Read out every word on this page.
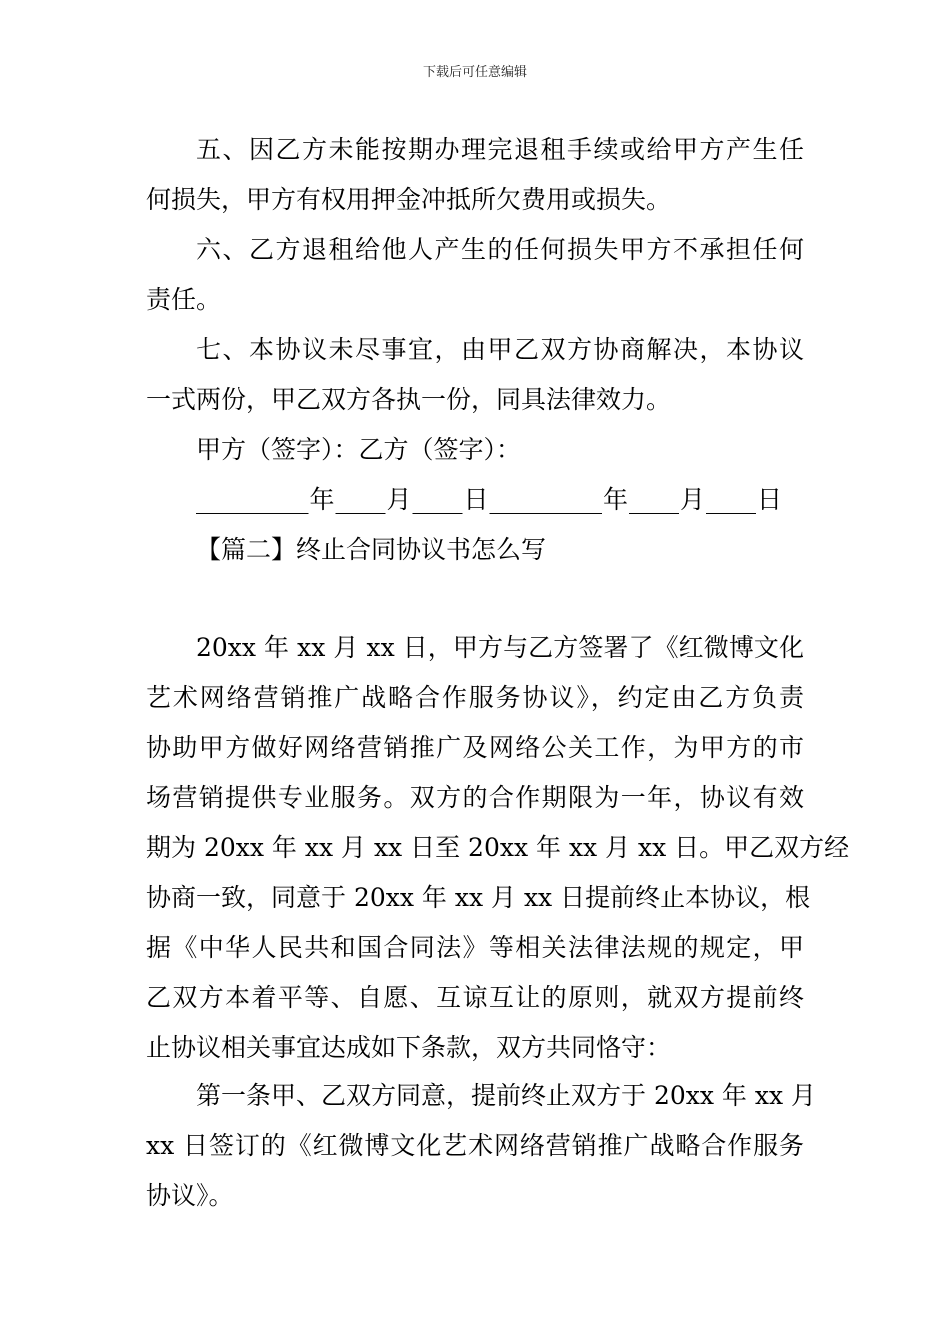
下载后可任意编辑
五、因乙方未能按期办理完退租手续或给甲方产生任
何损失，甲方有权用押金冲抵所欠费用或损失。
六、乙方退租给他人产生的任何损失甲方不承担任何
责任。
七、本协议未尽事宜，由甲乙双方协商解决，本协议
一式两份，甲乙双方各执一份，同具法律效力。
甲方（签字）：乙方（签字）：
_________年____月____日_________年____月____日
【篇二】终止合同协议书怎么写
20xx 年 xx 月 xx 日，甲方与乙方签署了《红微博文化
艺术网络营销推广战略合作服务协议》，约定由乙方负责
协助甲方做好网络营销推广及网络公关工作，为甲方的市
场营销提供专业服务。双方的合作期限为一年，协议有效
期为 20xx 年 xx 月 xx 日至 20xx 年 xx 月 xx 日。甲乙双方经
协商一致，同意于 20xx 年 xx 月 xx 日提前终止本协议，根
据《中华人民共和国合同法》等相关法律法规的规定，甲
乙双方本着平等、自愿、互谅互让的原则，就双方提前终
止协议相关事宜达成如下条款，双方共同恪守：
第一条甲、乙双方同意，提前终止双方于 20xx 年 xx 月
xx 日签订的《红微博文化艺术网络营销推广战略合作服务
协议》。
